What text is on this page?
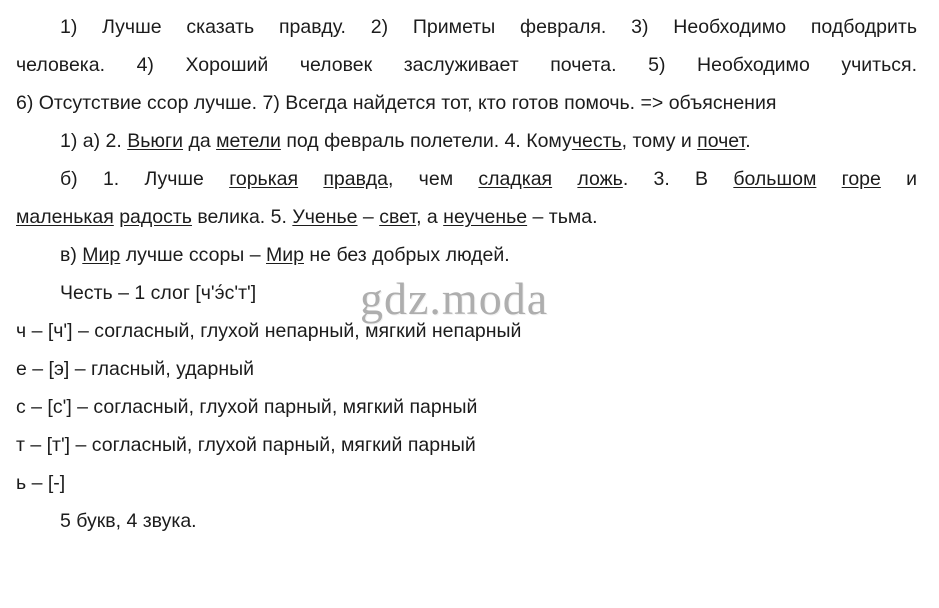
1) Лучше сказать правду. 2) Приметы февраля. 3) Необходимо подбодрить
человека. 4) Хороший человек заслуживает почета. 5) Необходимо учиться.
6) Отсутствие ссор лучше. 7) Всегда найдется тот, кто готов помочь. => объяснения
1) а) 2. Вьюги да метели под февраль полетели. 4. Комучесть, тому и почет.
б) 1. Лучше горькая правда, чем сладкая ложь. 3. В большом горе и
маленькая радость велика. 5. Ученье – свет, а неученье – тьма.
в) Мир лучше ссоры – Мир не без добрых людей.
Честь – 1 слог [ч'э́с'т']
ч – [ч'] – согласный, глухой непарный, мягкий непарный
е – [э] – гласный, ударный
с – [с'] – согласный, глухой парный, мягкий парный
т – [т'] – согласный, глухой парный, мягкий парный
ь – [-]
5 букв, 4 звука.
gdz.moda
